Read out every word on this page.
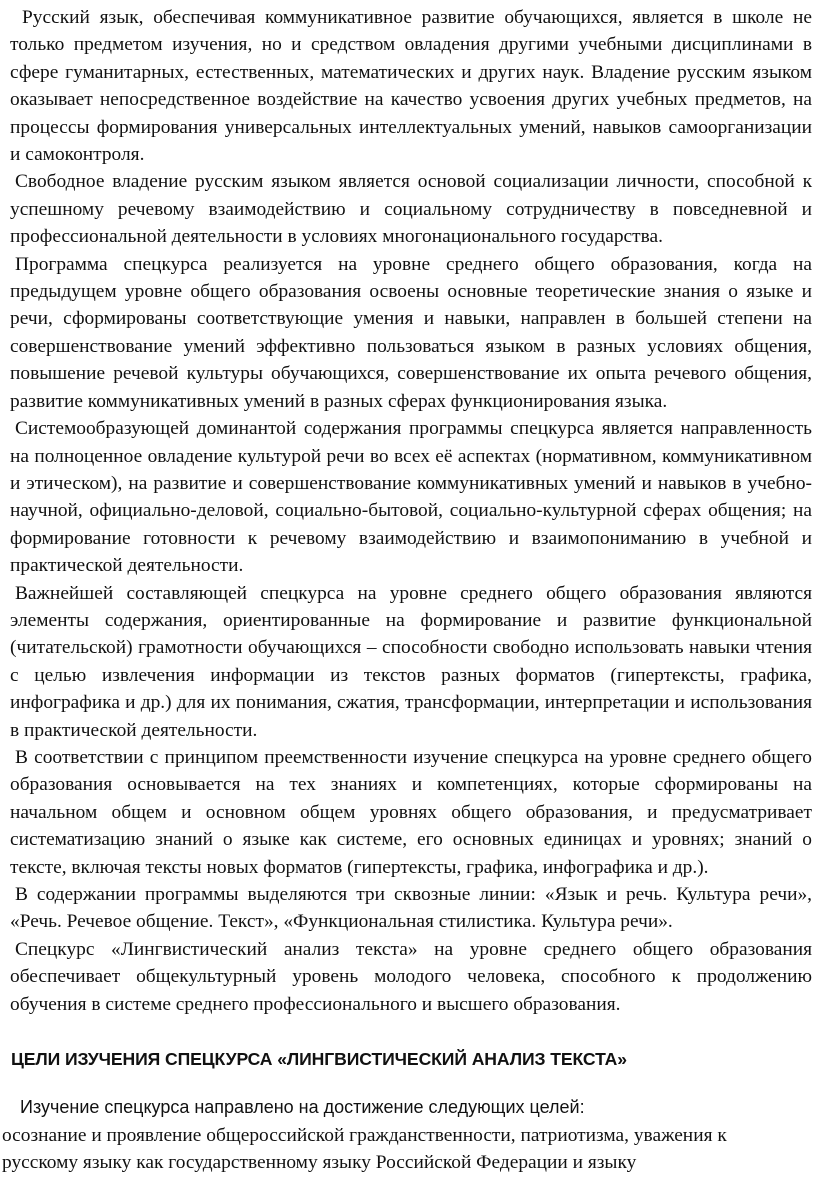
Русский язык, обеспечивая коммуникативное развитие обучающихся, является в школе не только предметом изучения, но и средством овладения другими учебными дисциплинами в сфере гуманитарных, естественных, математических и других наук. Владение русским языком оказывает непосредственное воздействие на качество усвоения других учебных предметов, на процессы формирования универсальных интеллектуальных умений, навыков самоорганизации и самоконтроля.

Свободное владение русским языком является основой социализации личности, способной к успешному речевому взаимодействию и социальному сотрудничеству в повседневной и профессиональной деятельности в условиях многонационального государства.

Программа спецкурса реализуется на уровне среднего общего образования, когда на предыдущем уровне общего образования освоены основные теоретические знания о языке и речи, сформированы соответствующие умения и навыки, направлен в большей степени на совершенствование умений эффективно пользоваться языком в разных условиях общения, повышение речевой культуры обучающихся, совершенствование их опыта речевого общения, развитие коммуникативных умений в разных сферах функционирования языка.

Системообразующей доминантой содержания программы спецкурса является направленность на полноценное овладение культурой речи во всех её аспектах (нормативном, коммуникативном и этическом), на развитие и совершенствование коммуникативных умений и навыков в учебно-научной, официально-деловой, социально-бытовой, социально-культурной сферах общения; на формирование готовности к речевому взаимодействию и взаимопониманию в учебной и практической деятельности.

Важнейшей составляющей спецкурса на уровне среднего общего образования являются элементы содержания, ориентированные на формирование и развитие функциональной (читательской) грамотности обучающихся – способности свободно использовать навыки чтения с целью извлечения информации из текстов разных форматов (гипертексты, графика, инфографика и др.) для их понимания, сжатия, трансформации, интерпретации и использования в практической деятельности.

В соответствии с принципом преемственности изучение спецкурса на уровне среднего общего образования основывается на тех знаниях и компетенциях, которые сформированы на начальном общем и основном общем уровнях общего образования, и предусматривает систематизацию знаний о языке как системе, его основных единицах и уровнях; знаний о тексте, включая тексты новых форматов (гипертексты, графика, инфографика и др.).

В содержании программы выделяются три сквозные линии: «Язык и речь. Культура речи», «Речь. Речевое общение. Текст», «Функциональная стилистика. Культура речи».

Спецкурс «Лингвистический анализ текста» на уровне среднего общего образования обеспечивает общекультурный уровень молодого человека, способного к продолжению обучения в системе среднего профессионального и высшего образования.

ЦЕЛИ ИЗУЧЕНИЯ СПЕЦКУРСА «ЛИНГВИСТИЧЕСКИЙ АНАЛИЗ ТЕКСТА»
Изучение спецкурса направлено на достижение следующих целей:
осознание и проявление общероссийской гражданственности, патриотизма, уважения к русскому языку как государственному языку Российской Федерации и языку
